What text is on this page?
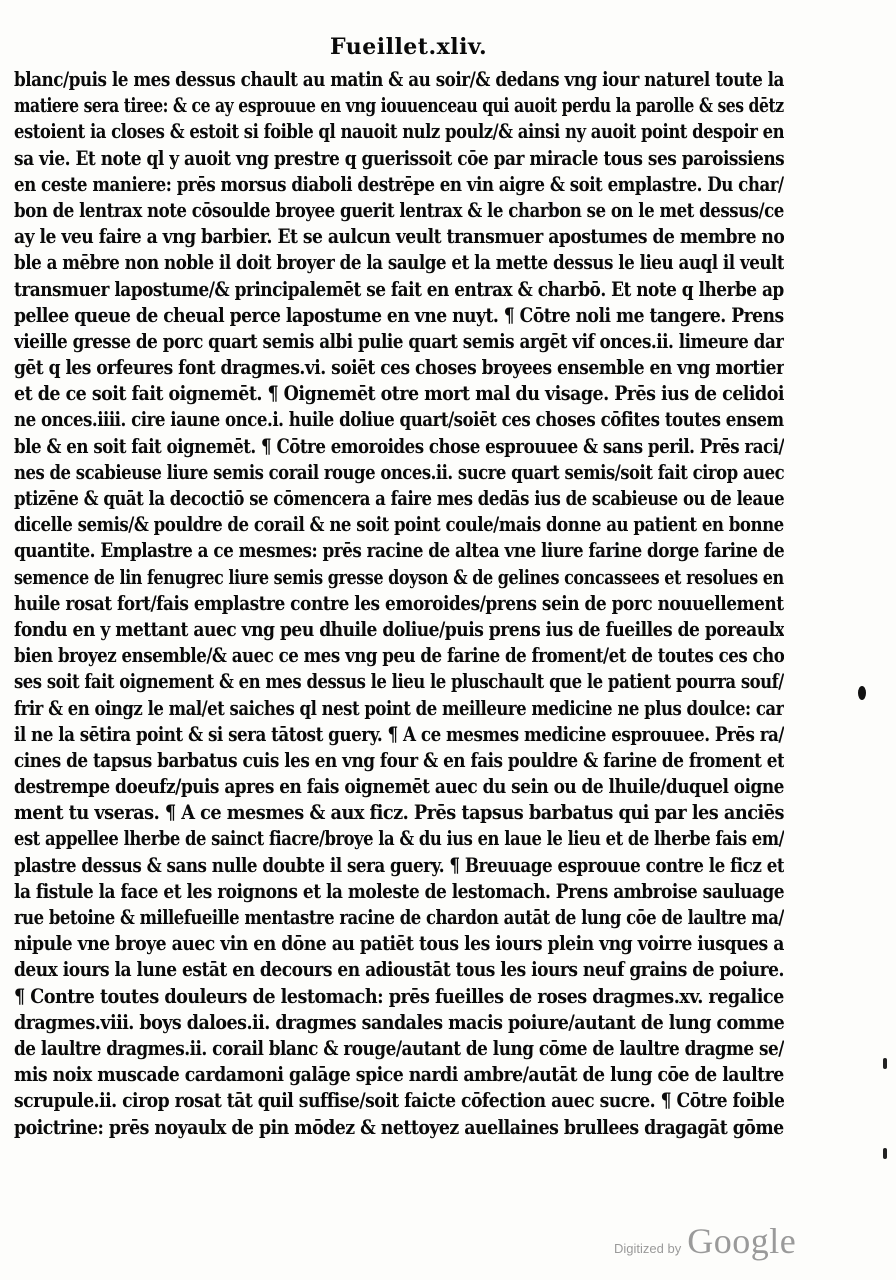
Fueillet.xliv.
blanc/puis le mes dessus chault au matin & au soir/& dedans vng iour naturel toute la
matiere sera tiree: & ce ay esprouue en vng iouuenceau qui auoit perdu la parolle & ses dētz
estoient ia closes & estoit si foible ql nauoit nulz poulz/& ainsi ny auoit point despoir en
sa vie. Et note ql y auoit vng prestre q guerissoit cōe par miracle tous ses paroissiens
en ceste maniere: prēs morsus diaboli destrēpe en vin aigre & soit emplastre. Du char/
bon de lentrax note cōsoulde broyee guerit lentrax & le charbon se on le met dessus/ce
ay le veu faire a vng barbier. Et se aulcun veult transmuer apostumes de membre no
ble a mēbre non noble il doit broyer de la saulge et la mette dessus le lieu auql il veult
transmuer lapostume/& principalemēt se fait en entrax & charbō. Et note q lherbe ap
pellee queue de cheual perce lapostume en vne nuyt. ¶ Cōtre noli me tangere. Prens
vieille gresse de porc quart semis albi pulie quart semis argēt vif onces.ii. limeure dar
gēt q les orfeures font dragmes.vi. soiēt ces choses broyees ensemble en vng mortier
et de ce soit fait oignemēt. ¶ Oignemēt otre mort mal du visage. Prēs ius de celidoi
ne onces.iiii. cire iaune once.i. huile doliue quart/soiēt ces choses cōfites toutes ensem
ble & en soit fait oignemēt. ¶ Cōtre emoroides chose esprouuee & sans peril. Prēs raci/
nes de scabieuse liure semis corail rouge onces.ii. sucre quart semis/soit fait cirop auec
ptizēne & quāt la decoctiō se cōmencera a faire mes dedās ius de scabieuse ou de leaue
dicelle semis/& pouldre de corail & ne soit point coule/mais donne au patient en bonne
quantite. Emplastre a ce mesmes: prēs racine de altea vne liure farine dorge farine de
semence de lin fenugrec liure semis gresse doyson & de gelines concassees et resolues en
huile rosat fort/fais emplastre contre les emoroides/prens sein de porc nouuellement
fondu en y mettant auec vng peu dhuile doliue/puis prens ius de fueilles de poreaulx
bien broyez ensemble/& auec ce mes vng peu de farine de froment/et de toutes ces cho
ses soit fait oignement & en mes dessus le lieu le pluschault que le patient pourra souf/
frir & en oingz le mal/et saiches ql nest point de meilleure medicine ne plus doulce: car
il ne la sētira point & si sera tātost guery. ¶ A ce mesmes medicine esprouuee. Prēs ra/
cines de tapsus barbatus cuis les en vng four & en fais pouldre & farine de froment et
destrempe doeufz/puis apres en fais oignemēt auec du sein ou de lhuile/duquel oigne
ment tu vseras. ¶ A ce mesmes & aux ficz. Prēs tapsus barbatus qui par les anciēs
est appellee lherbe de sainct fiacre/broye la & du ius en laue le lieu et de lherbe fais em/
plastre dessus & sans nulle doubte il sera guery. ¶ Breuuage esprouue contre le ficz et
la fistule la face et les roignons et la moleste de lestomach. Prens ambroise sauluage
rue betoine & millefueille mentastre racine de chardon autāt de lung cōe de laultre ma/
nipule vne broye auec vin en dōne au patiēt tous les iours plein vng voirre iusques a
deux iours la lune estāt en decours en adioustāt tous les iours neuf grains de poiure.
¶ Contre toutes douleurs de lestomach: prēs fueilles de roses dragmes.xv. regalice
dragmes.viii. boys daloes.ii. dragmes sandales macis poiure/autant de lung comme
de laultre dragmes.ii. corail blanc & rouge/autant de lung cōme de laultre dragme se/
mis noix muscade cardamoni galāge spice nardi ambre/autāt de lung cōe de laultre
scrupule.ii. cirop rosat tāt quil suffise/soit faicte cōfection auec sucre. ¶ Cōtre foible
poictrine: prēs noyaulx de pin mōdez & nettoyez auellaines brullees dragagāt gōme
Digitized by Google
